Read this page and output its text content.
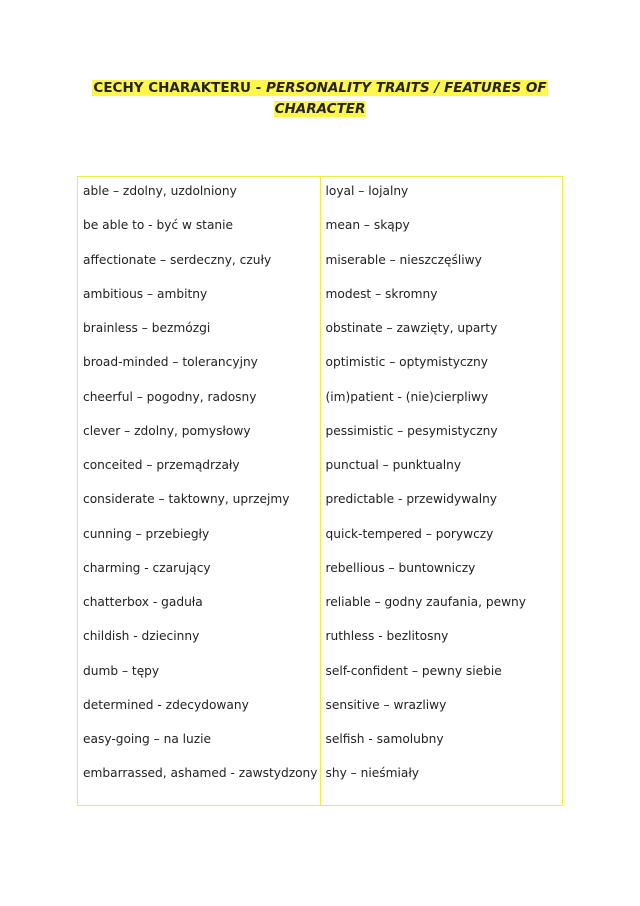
CECHY CHARAKTERU - PERSONALITY TRAITS / FEATURES OF
CHARACTER
able – zdolny, uzdolniony
be able to - być w stanie
affectionate – serdeczny, czuły
ambitious – ambitny
brainless – bezmózgi
broad-minded – tolerancyjny
cheerful – pogodny, radosny
clever – zdolny, pomysłowy
conceited – przemądrzały
considerate – taktowny, uprzejmy
cunning – przebiegły
charming - czarujący
chatterbox - gaduła
childish - dziecinny
dumb – tępy
determined - zdecydowany
easy-going – na luzie
embarrassed, ashamed - zawstydzony
loyal – lojalny
mean – skąpy
miserable – nieszczęśliwy
modest – skromny
obstinate – zawzięty, uparty
optimistic – optymistyczny
(im)patient - (nie)cierpliwy
pessimistic – pesymistyczny
punctual – punktualny
predictable - przewidywalny
quick-tempered – porywczy
rebellious – buntowniczy
reliable – godny zaufania, pewny
ruthless - bezlitosny
self-confident – pewny siebie
sensitive – wrazliwy
selfish - samolubny
shy – nieśmiały
